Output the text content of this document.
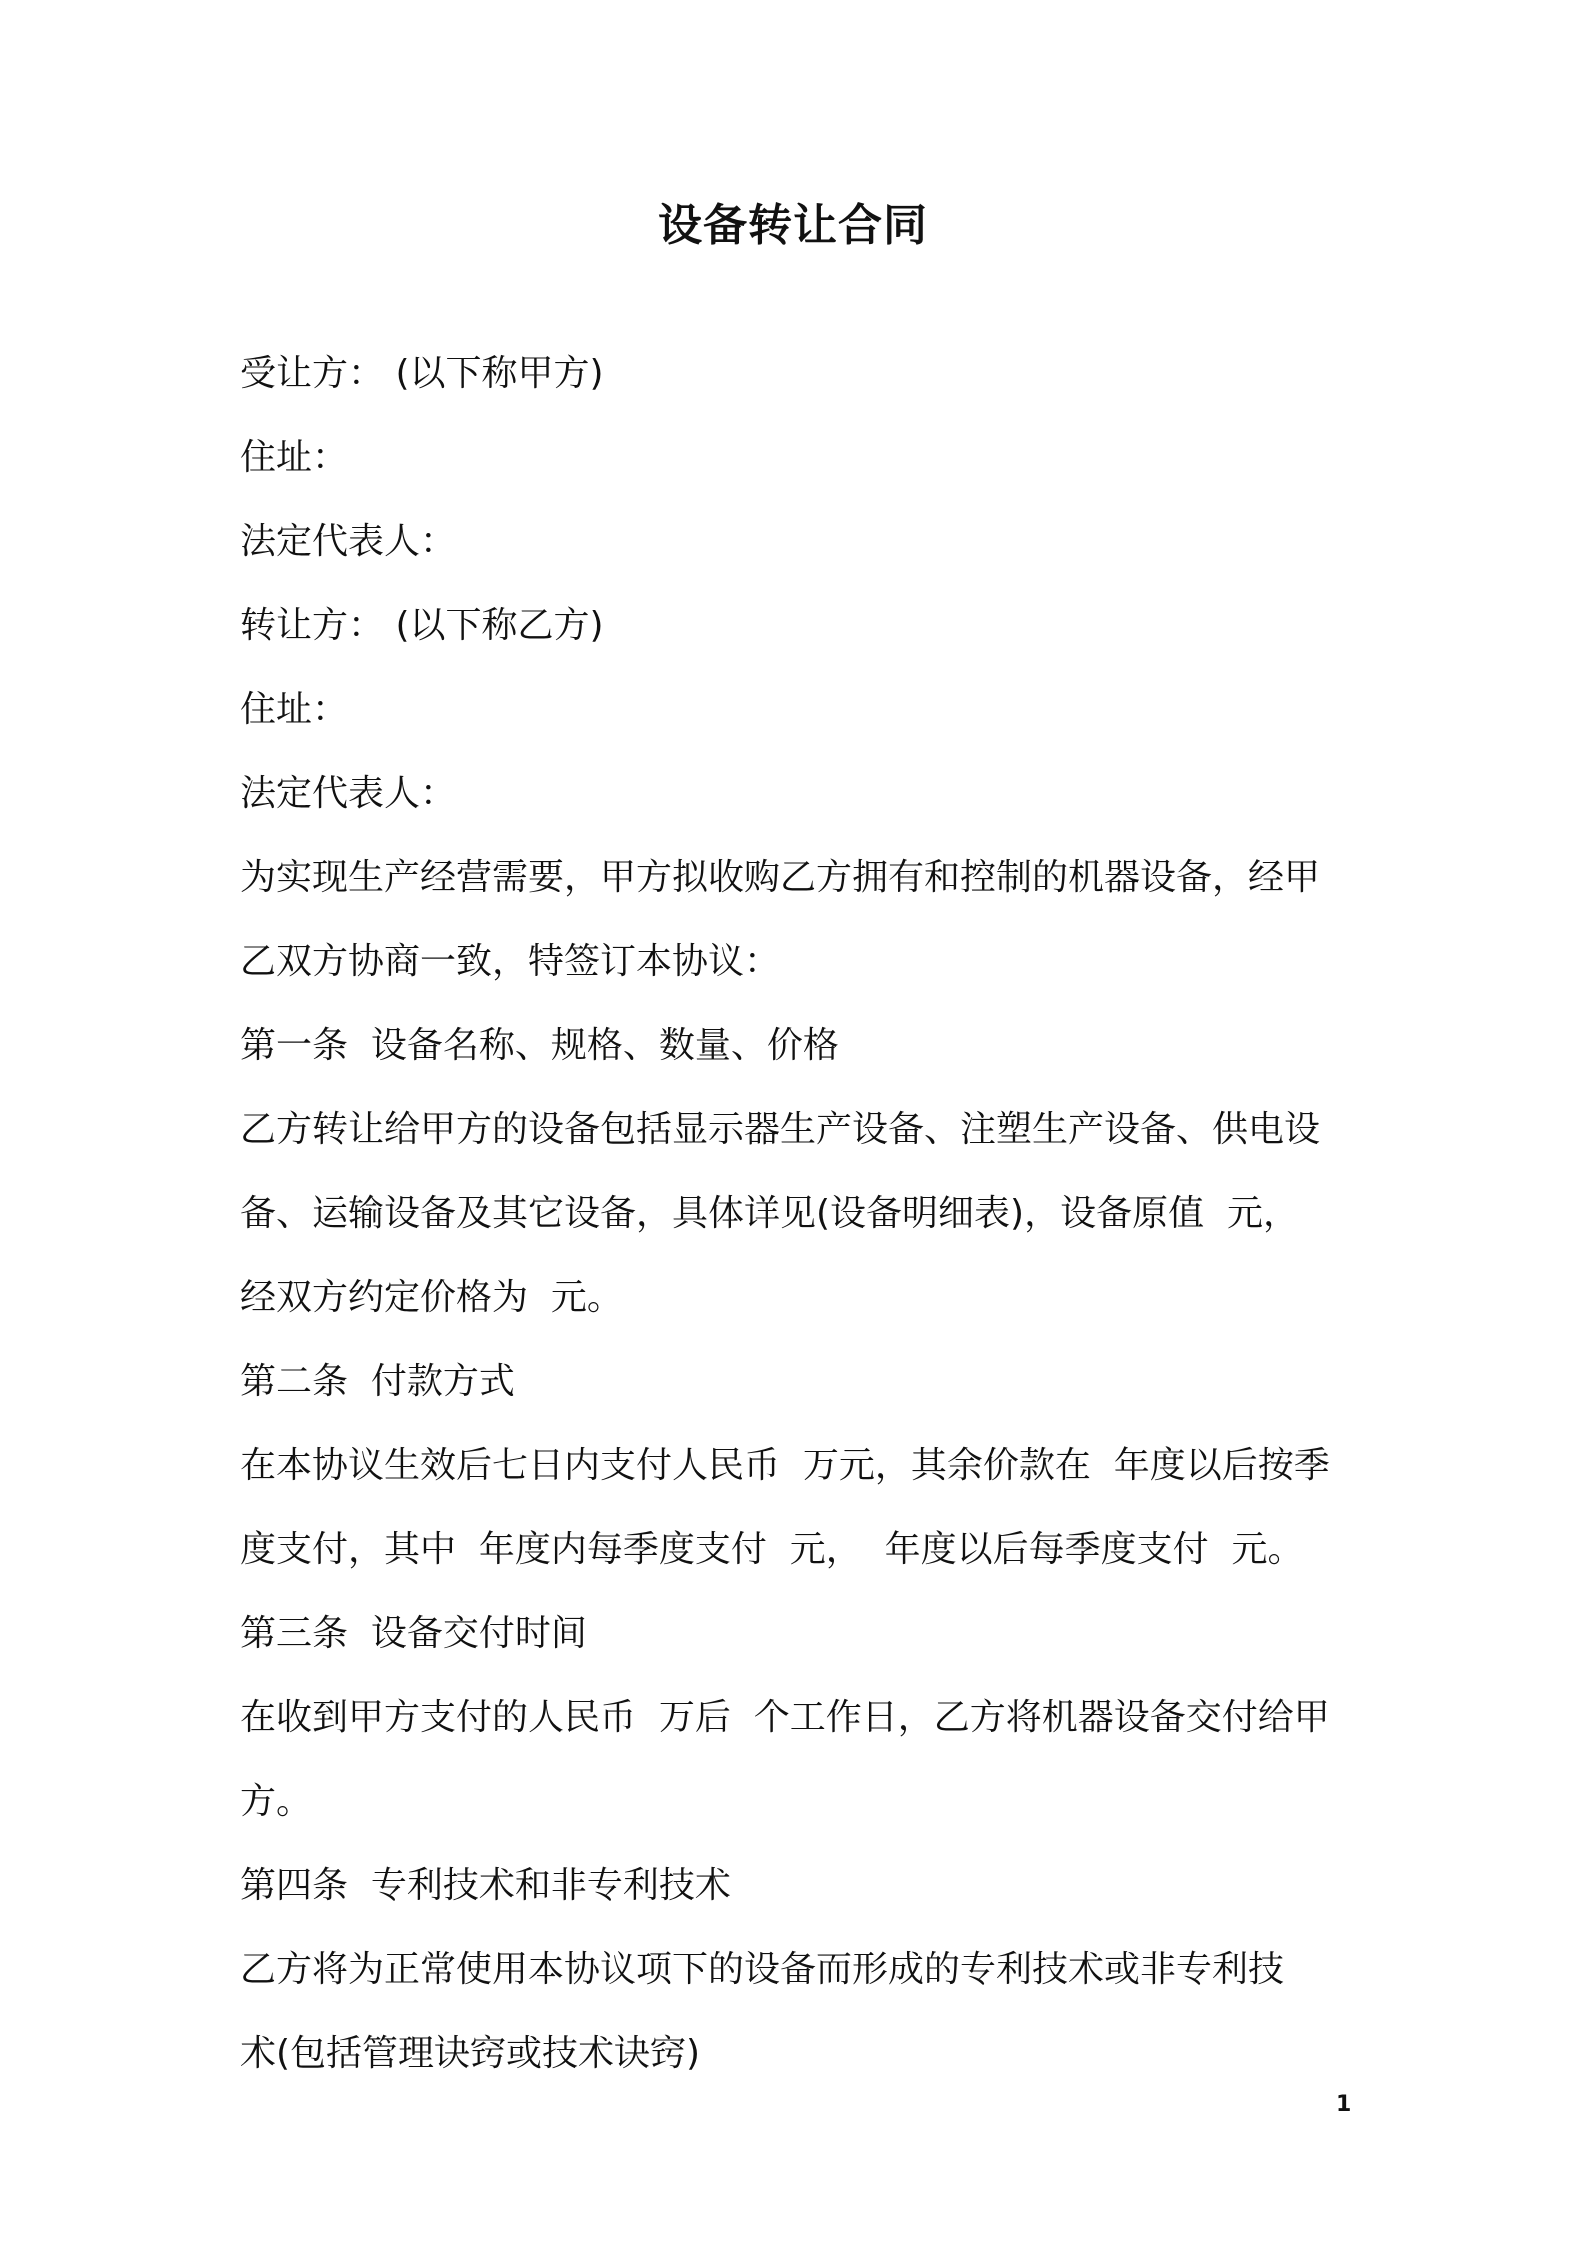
设备转让合同
受让方： (以下称甲方)
住址：
法定代表人：
转让方： (以下称乙方)
住址：
法定代表人：
为实现生产经营需要，甲方拟收购乙方拥有和控制的机器设备，经甲
乙双方协商一致，特签订本协议：
第一条  设备名称、规格、数量、价格
乙方转让给甲方的设备包括显示器生产设备、注塑生产设备、供电设
备、运输设备及其它设备，具体详见(设备明细表)，设备原值  元，
经双方约定价格为  元。
第二条  付款方式
在本协议生效后七日内支付人民币  万元，其余价款在  年度以后按季
度支付，其中  年度内每季度支付  元，  年度以后每季度支付  元。
第三条  设备交付时间
在收到甲方支付的人民币  万后  个工作日，乙方将机器设备交付给甲
方。
第四条  专利技术和非专利技术
乙方将为正常使用本协议项下的设备而形成的专利技术或非专利技
术(包括管理诀窍或技术诀窍)
1
